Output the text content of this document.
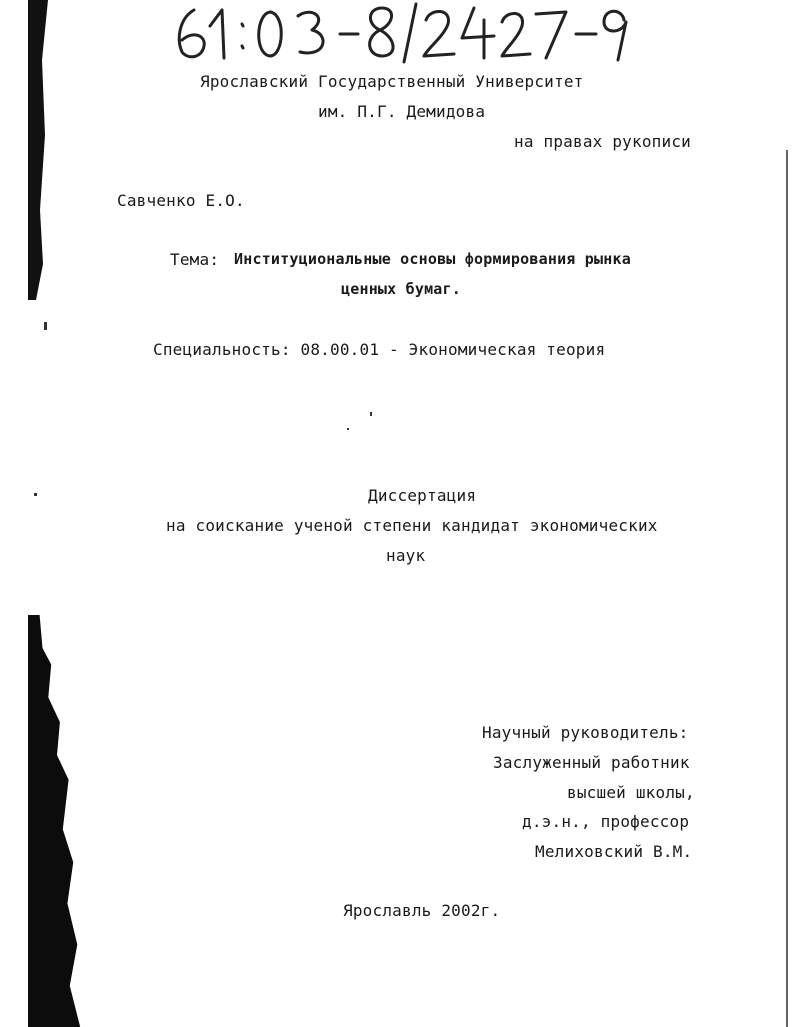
Ярославский Государственный Университет
им. П.Г. Демидова
на правах рукописи
Савченко Е.О.
Тема: Институциональные основы формирования рынка
ценных бумаг.
Специальность: 08.00.01 - Экономическая теория
Диссертация
на соискание ученой степени кандидат экономических
наук
Научный руководитель:
Заслуженный работник
высшей школы,
д.э.н., профессор
Мелиховский В.М.
Ярославль 2002г.
